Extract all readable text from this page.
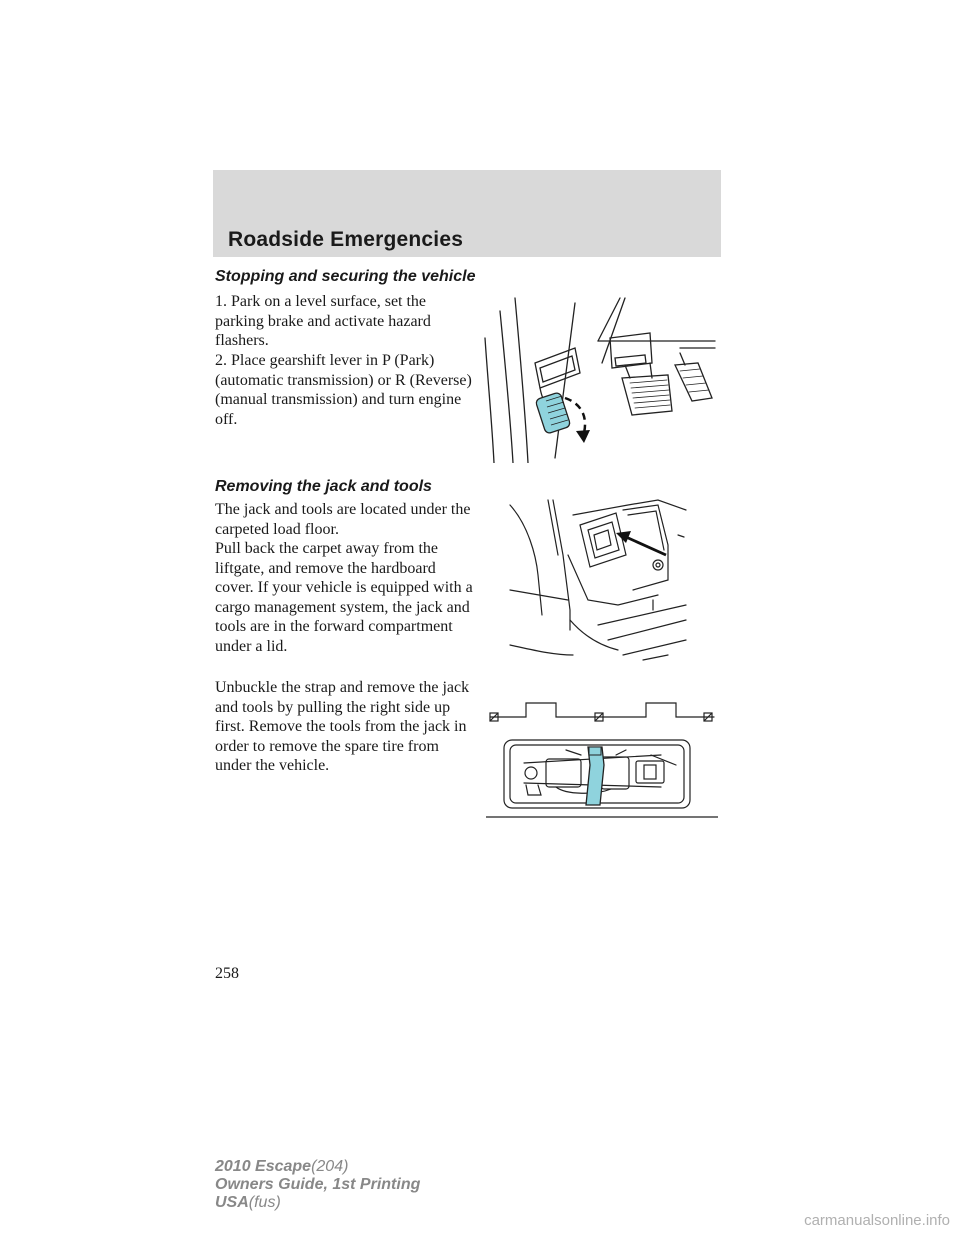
Roadside Emergencies
Stopping and securing the vehicle

1. Park on a level surface, set the parking brake and activate hazard flashers.

2. Place gearshift lever in P (Park) (automatic transmission) or R (Reverse) (manual transmission) and turn engine off.

Removing the jack and tools

The jack and tools are located under the carpeted load floor.

Pull back the carpet away from the liftgate, and remove the hardboard cover. If your vehicle is equipped with a cargo management system, the jack and tools are in the forward compartment under a lid.

Unbuckle the strap and remove the jack and tools by pulling the right side up first. Remove the tools from the jack in order to remove the spare tire from under the vehicle.

258
2010 Escape(204)
Owners Guide, 1st Printing
USA(fus)
carmanualsonline.info
